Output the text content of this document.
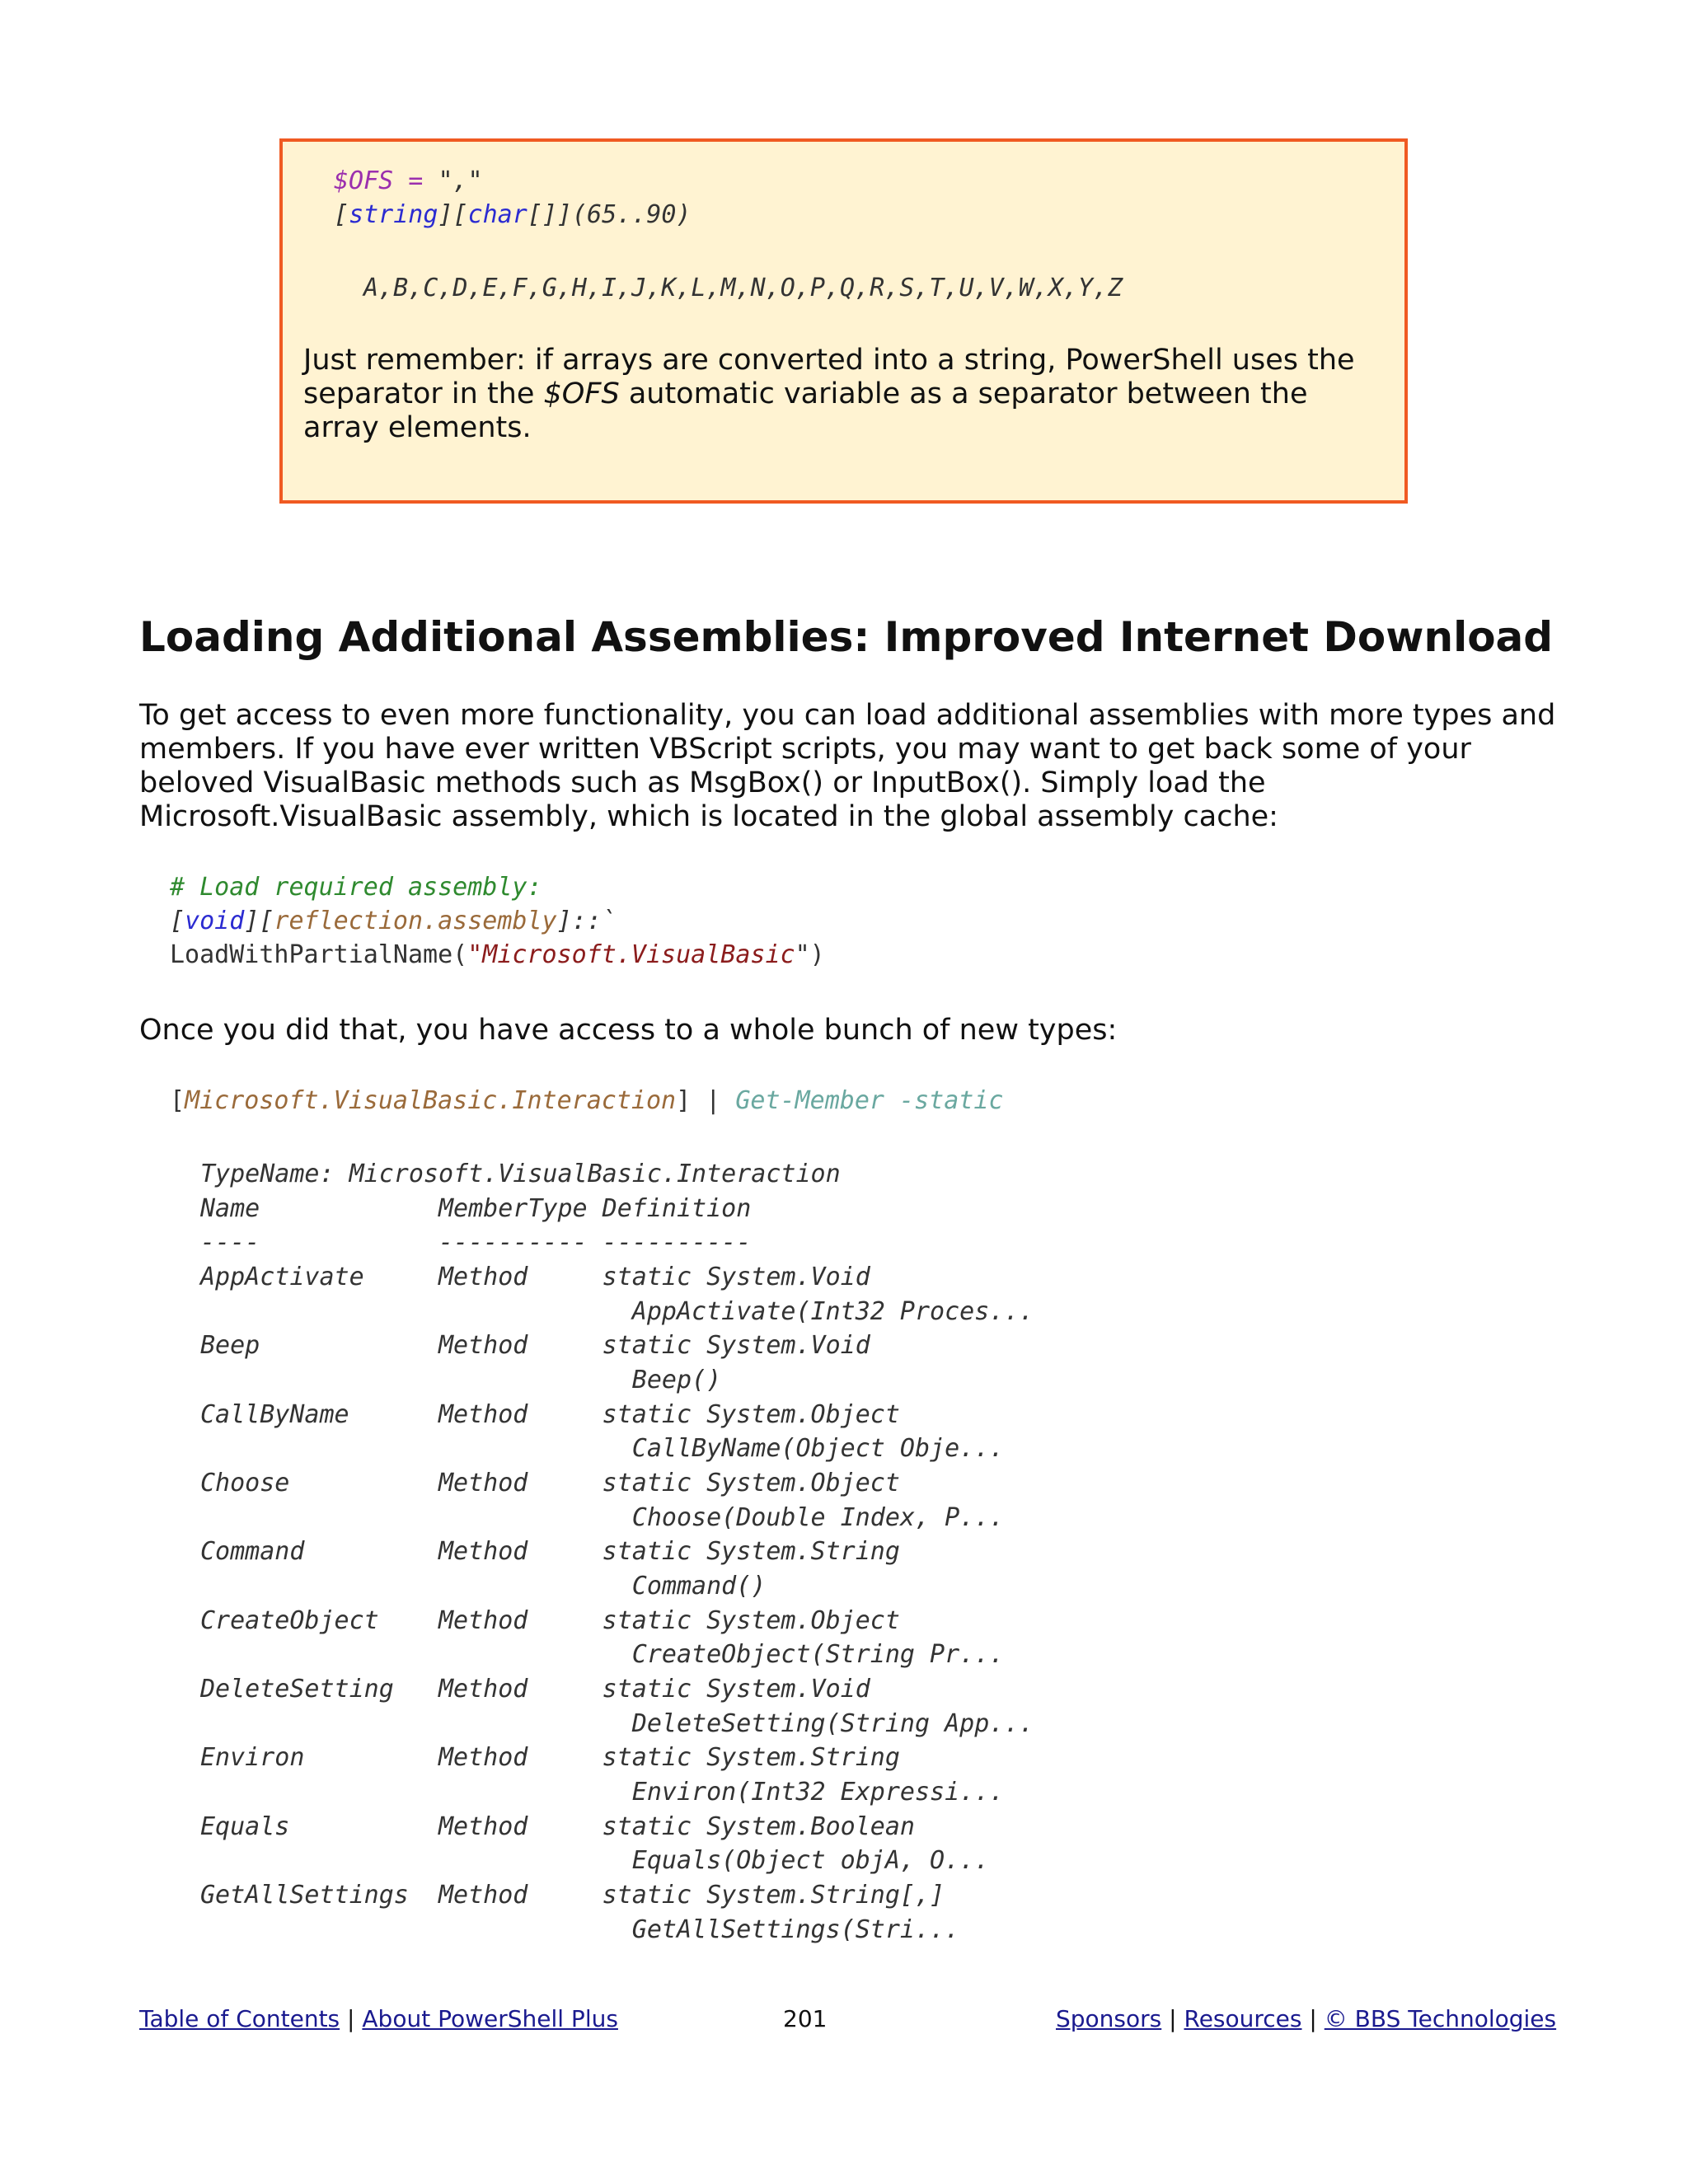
$OFS = ","
[string][char[]](65..90)
A,B,C,D,E,F,G,H,I,J,K,L,M,N,O,P,Q,R,S,T,U,V,W,X,Y,Z
Just remember: if arrays are converted into a string, PowerShell uses the separator in the $OFS automatic variable as a separator between the array elements.
Loading Additional Assemblies: Improved Internet Download
To get access to even more functionality, you can load additional assemblies with more types and members. If you have ever written VBScript scripts, you may want to get back some of your beloved VisualBasic methods such as MsgBox() or InputBox(). Simply load the Microsoft.VisualBasic assembly, which is located in the global assembly cache:
# Load required assembly:
[void][reflection.assembly]::`
LoadWithPartialName("Microsoft.VisualBasic")
Once you did that, you have access to a whole bunch of new types:
[Microsoft.VisualBasic.Interaction] | Get-Member -static
TypeName: Microsoft.VisualBasic.Interaction
Name            MemberType Definition
----            ---------- ----------
AppActivate     Method     static System.Void
AppActivate(Int32 Proces...
Beep            Method     static System.Void
Beep()
CallByName      Method     static System.Object
CallByName(Object Obje...
Choose          Method     static System.Object
Choose(Double Index, P...
Command         Method     static System.String
Command()
CreateObject    Method     static System.Object
CreateObject(String Pr...
DeleteSetting   Method     static System.Void
DeleteSetting(String App...
Environ         Method     static System.String
Environ(Int32 Expressi...
Equals          Method     static System.Boolean
Equals(Object objA, O...
GetAllSettings  Method     static System.String[,]
GetAllSettings(Stri...
Table of Contents | About PowerShell Plus	201	Sponsors | Resources | © BBS Technologies
